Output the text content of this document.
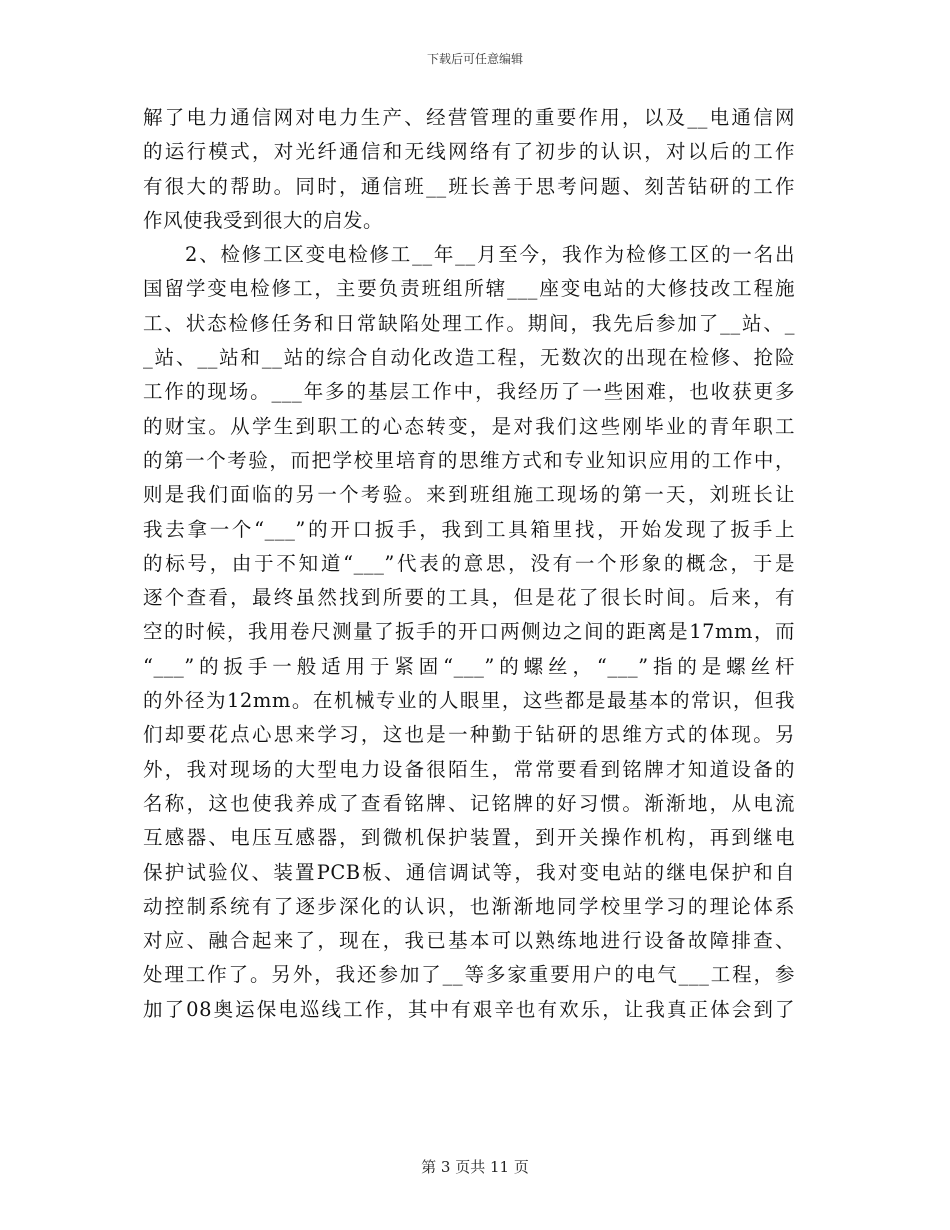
下载后可任意编辑
解了电力通信网对电力生产、经营管理的重要作用，以及__电通信网
的运行模式，对光纤通信和无线网络有了初步的认识，对以后的工作
有很大的帮助。同时，通信班__班长善于思考问题、刻苦钻研的工作
作风使我受到很大的启发。
2、检修工区变电检修工__年__月至今，我作为检修工区的一名出
国留学变电检修工，主要负责班组所辖___座变电站的大修技改工程施
工、状态检修任务和日常缺陷处理工作。期间，我先后参加了__站、_
_站、__站和__站的综合自动化改造工程，无数次的出现在检修、抢险
工作的现场。___年多的基层工作中，我经历了一些困难，也收获更多
的财宝。从学生到职工的心态转变，是对我们这些刚毕业的青年职工
的第一个考验，而把学校里培育的思维方式和专业知识应用的工作中，
则是我们面临的另一个考验。来到班组施工现场的第一天，刘班长让
我去拿一个“___”的开口扳手，我到工具箱里找，开始发现了扳手上
的标号，由于不知道“___”代表的意思，没有一个形象的概念，于是
逐个查看，最终虽然找到所要的工具，但是花了很长时间。后来，有
空的时候，我用卷尺测量了扳手的开口两侧边之间的距离是17mm，而
“___”的扳手一般适用于紧固“___”的螺丝，“___”指的是螺丝杆
的外径为12mm。在机械专业的人眼里，这些都是最基本的常识，但我
们却要花点心思来学习，这也是一种勤于钻研的思维方式的体现。另
外，我对现场的大型电力设备很陌生，常常要看到铭牌才知道设备的
名称，这也使我养成了查看铭牌、记铭牌的好习惯。渐渐地，从电流
互感器、电压互感器，到微机保护装置，到开关操作机构，再到继电
保护试验仪、装置PCB板、通信调试等，我对变电站的继电保护和自
动控制系统有了逐步深化的认识，也渐渐地同学校里学习的理论体系
对应、融合起来了，现在，我已基本可以熟练地进行设备故障排查、
处理工作了。另外，我还参加了__等多家重要用户的电气___工程，参
加了08奥运保电巡线工作，其中有艰辛也有欢乐，让我真正体会到了
第 3 页共 11 页
